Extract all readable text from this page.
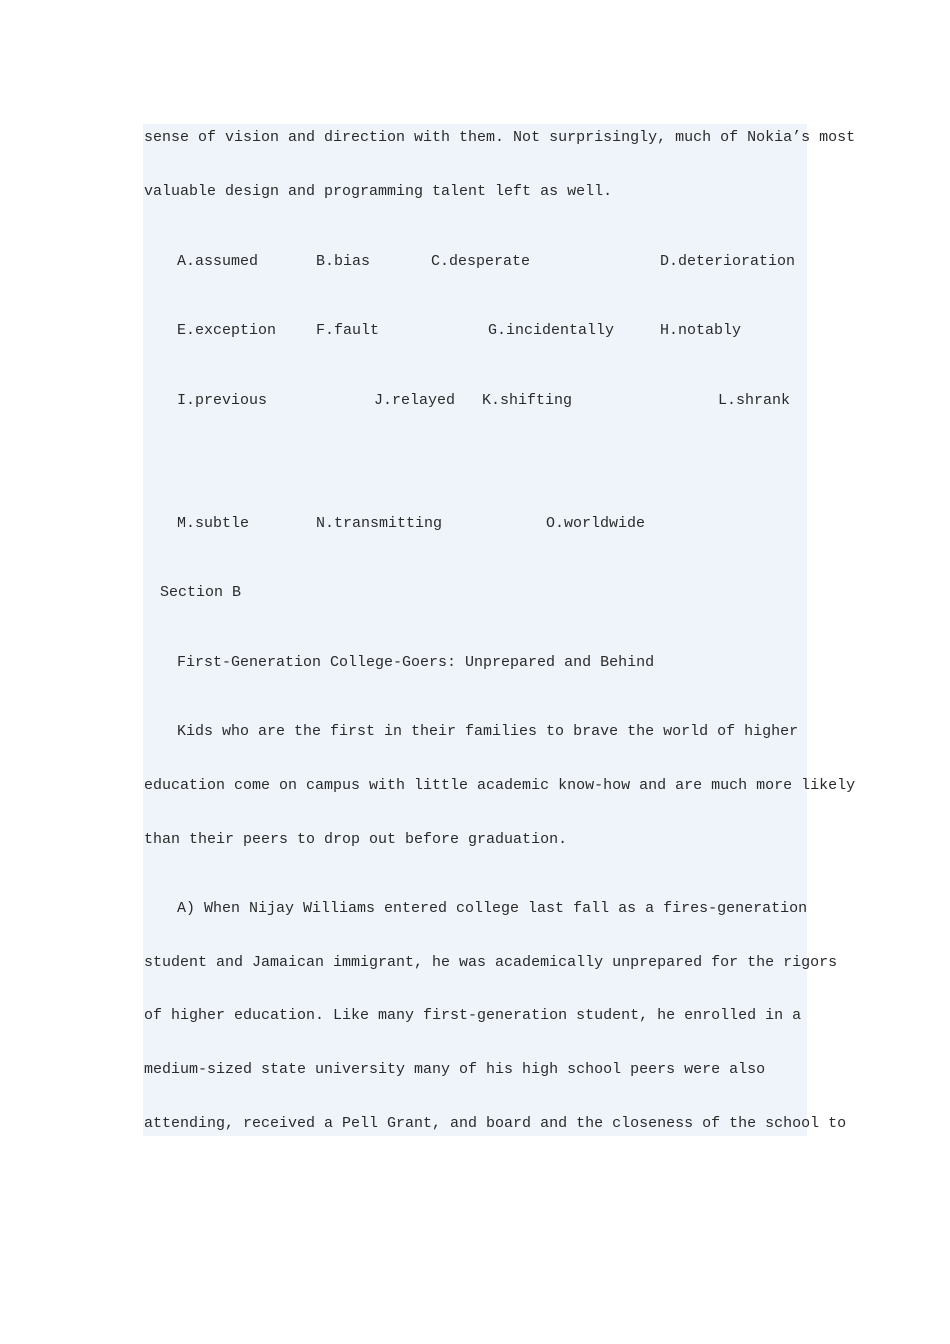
sense of vision and direction with them. Not surprisingly, much of Nokia’s most
valuable design and programming talent left as well.
A.assumed	B.bias	C.desperate	D.deterioration
E.exception	F.fault	G.incidentally	H.notably
I.previous	J.relayed K.shifting	L.shrank
M.subtle	N.transmitting	O.worldwide
Section B
First-Generation College-Goers: Unprepared and Behind
Kids who are the first in their families to brave the world of higher
education come on campus with little academic know-how and are much more likely
than their peers to drop out before graduation.
A) When Nijay Williams entered college last fall as a fires-generation
student and Jamaican immigrant, he was academically unprepared for the rigors
of higher education. Like many first-generation student, he enrolled in a
medium-sized state university many of his high school peers were also
attending, received a Pell Grant, and board and the closeness of the school to
